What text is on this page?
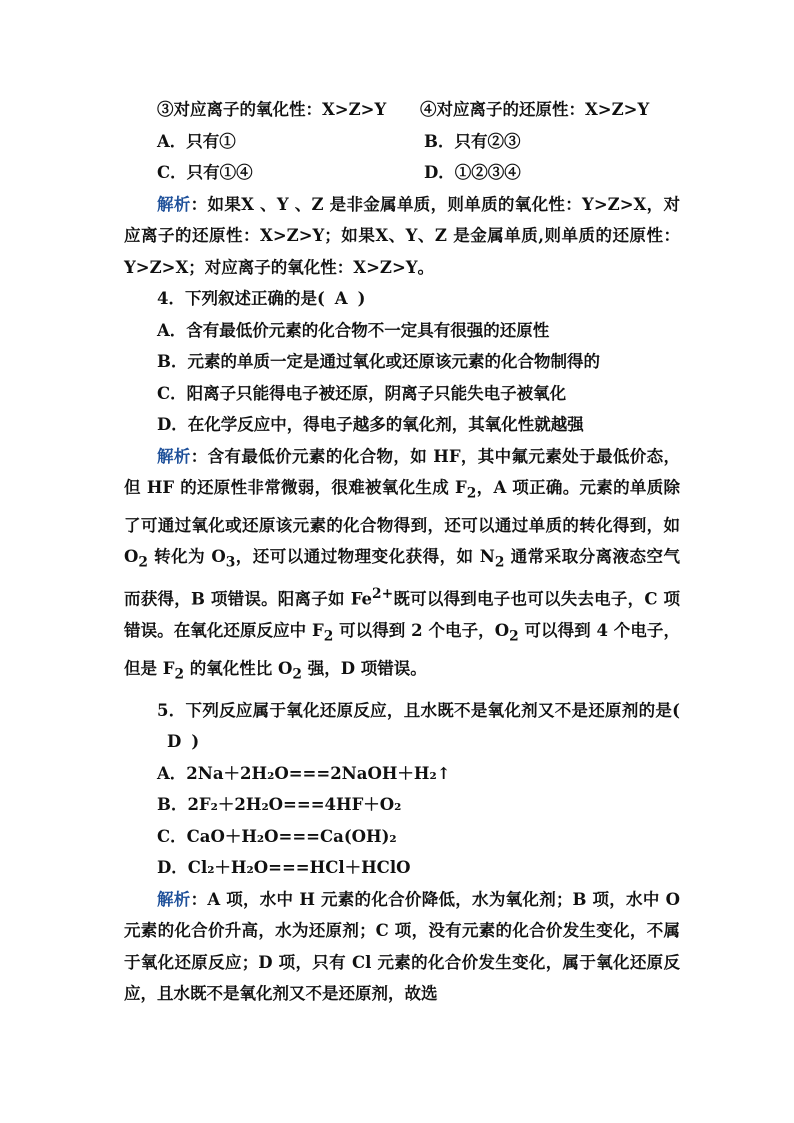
③对应离子的氧化性：X>Z>Y	④对应离子的还原性：X>Z>Y
A．只有①	B．只有②③
C．只有①④	D．①②③④
解析：如果X 、Y 、Z 是非金属单质，则单质的氧化性：Y>Z>X，对应离子的还原性：X>Z>Y；如果X、Y、Z 是金属单质,则单质的还原性：Y>Z>X；对应离子的氧化性：X>Z>Y。
4．下列叙述正确的是( A )
A．含有最低价元素的化合物不一定具有很强的还原性
B．元素的单质一定是通过氧化或还原该元素的化合物制得的
C．阳离子只能得电子被还原，阴离子只能失电子被氧化
D．在化学反应中，得电子越多的氧化剂，其氧化性就越强
解析：含有最低价元素的化合物，如 HF，其中氟元素处于最低价态，但 HF 的还原性非常微弱，很难被氧化生成 $F_2$，A 项正确。元素的单质除了可通过氧化或还原该元素的化合物得到，还可以通过单质的转化得到，如 $O_2$ 转化为 $O_3$，还可以通过物理变化获得，如 $N_2$ 通常采取分离液态空气而获得，B 项错误。阳离子如 $Fe^{2+}$既可以得到电子也可以失去电子，C 项错误。在氧化还原反应中 $F_2$ 可以得到 2 个电子，$O_2$ 可以得到 4 个电子，但是 $F_2$ 的氧化性比 $O_2$ 强，D 项错误。
5．下列反应属于氧化还原反应，且水既不是氧化剂又不是还原剂的是(D )
A．2Na＋2H₂O===2NaOH＋H₂↑
B．2F₂＋2H₂O===4HF＋O₂
C．CaO＋H₂O===Ca(OH)₂
D．Cl₂＋H₂O===HCl＋HClO
解析：A 项，水中 H 元素的化合价降低，水为氧化剂；B 项，水中 O 元素的化合价升高，水为还原剂；C 项，没有元素的化合价发生变化，不属于氧化还原反应；D 项，只有 Cl 元素的化合价发生变化，属于氧化还原反应，且水既不是氧化剂又不是还原剂，故选
